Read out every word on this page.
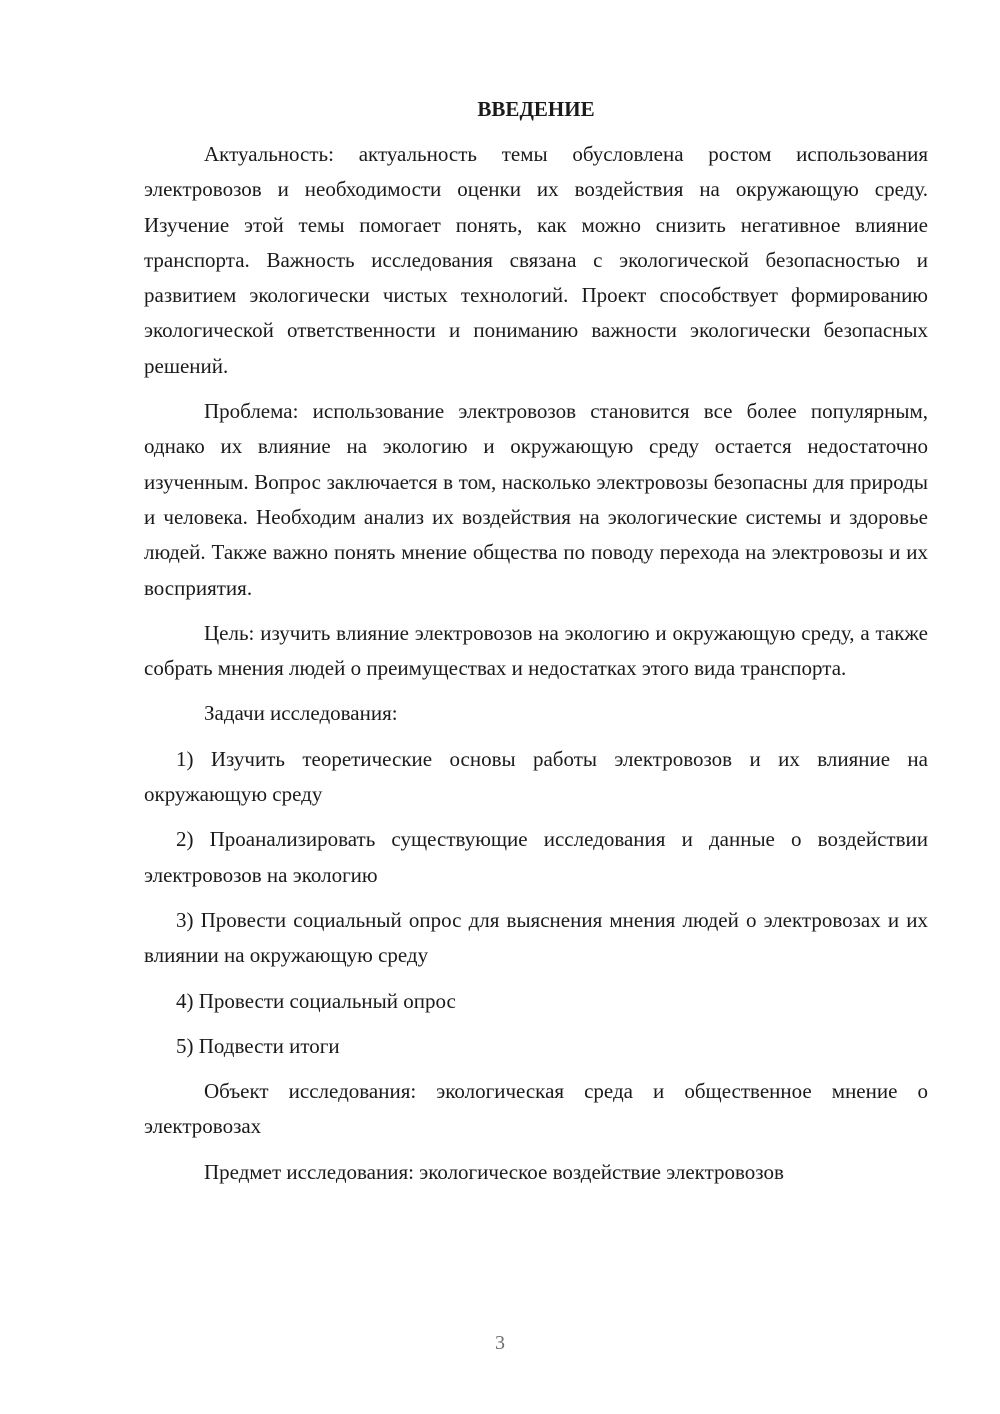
ВВЕДЕНИЕ
Актуальность: актуальность темы обусловлена ростом использования электровозов и необходимости оценки их воздействия на окружающую среду. Изучение этой темы помогает понять, как можно снизить негативное влияние транспорта. Важность исследования связана с экологической безопасностью и развитием экологически чистых технологий. Проект способствует формированию экологической ответственности и пониманию важности экологически безопасных решений.
Проблема: использование электровозов становится все более популярным, однако их влияние на экологию и окружающую среду остается недостаточно изученным. Вопрос заключается в том, насколько электровозы безопасны для природы и человека. Необходим анализ их воздействия на экологические системы и здоровье людей. Также важно понять мнение общества по поводу перехода на электровозы и их восприятия.
Цель: изучить влияние электровозов на экологию и окружающую среду, а также собрать мнения людей о преимуществах и недостатках этого вида транспорта.
Задачи исследования:
1) Изучить теоретические основы работы электровозов и их влияние на окружающую среду
2) Проанализировать существующие исследования и данные о воздействии электровозов на экологию
3) Провести социальный опрос для выяснения мнения людей о электровозах и их влиянии на окружающую среду
4) Провести социальный опрос
5) Подвести итоги
Объект исследования: экологическая среда и общественное мнение о электровозах
Предмет исследования: экологическое воздействие электровозов
3
